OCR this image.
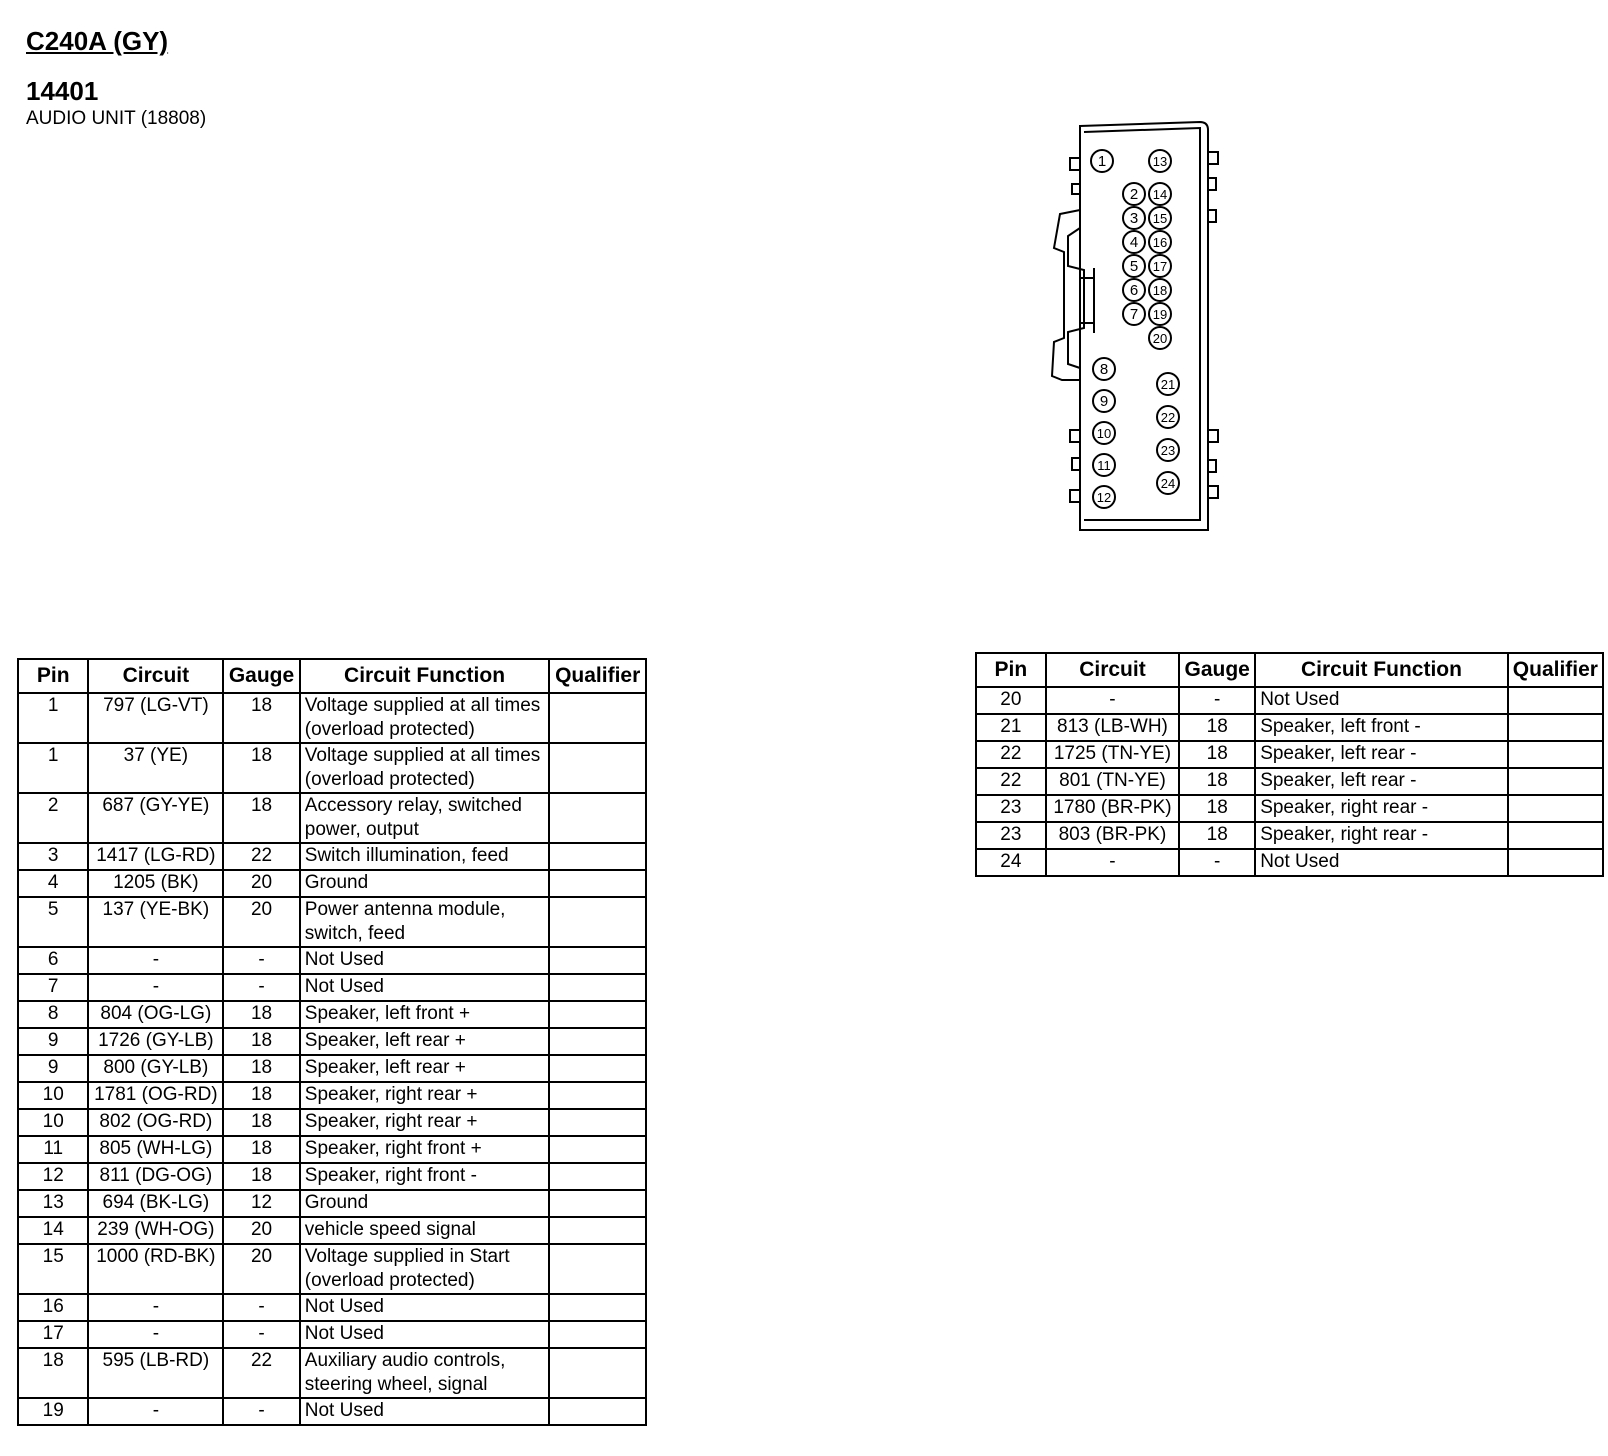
C240A (GY)
14401

AUDIO UNIT (18808)

1
2
3
4
5
6
7
13
14
15
16
17
18
19
20
8
9
10
11
12
21
22
23
24
Pin	Circuit	Gauge	Circuit Function	Qualifier
1	797 (LG-VT)	18	Voltage supplied at all times (overload protected)	
1	37 (YE)	18	Voltage supplied at all times (overload protected)	
2	687 (GY-YE)	18	Accessory relay, switched power, output	
3	1417 (LG-RD)	22	Switch illumination, feed	
4	1205 (BK)	20	Ground	
5	137 (YE-BK)	20	Power antenna module, switch, feed	
6	-	-	Not Used	
7	-	-	Not Used	
8	804 (OG-LG)	18	Speaker, left front +	
9	1726 (GY-LB)	18	Speaker, left rear +	
9	800 (GY-LB)	18	Speaker, left rear +	
10	1781 (OG-RD)	18	Speaker, right rear +	
10	802 (OG-RD)	18	Speaker, right rear +	
11	805 (WH-LG)	18	Speaker, right front +	
12	811 (DG-OG)	18	Speaker, right front -	
13	694 (BK-LG)	12	Ground	
14	239 (WH-OG)	20	vehicle speed signal	
15	1000 (RD-BK)	20	Voltage supplied in Start (overload protected)	
16	-	-	Not Used	
17	-	-	Not Used	
18	595 (LB-RD)	22	Auxiliary audio controls, steering wheel, signal	
19	-	-	Not Used	
Pin	Circuit	Gauge	Circuit Function	Qualifier
20	-	-	Not Used	
21	813 (LB-WH)	18	Speaker, left front -	
22	1725 (TN-YE)	18	Speaker, left rear -	
22	801 (TN-YE)	18	Speaker, left rear -	
23	1780 (BR-PK)	18	Speaker, right rear -	
23	803 (BR-PK)	18	Speaker, right rear -	
24	-	-	Not Used	
